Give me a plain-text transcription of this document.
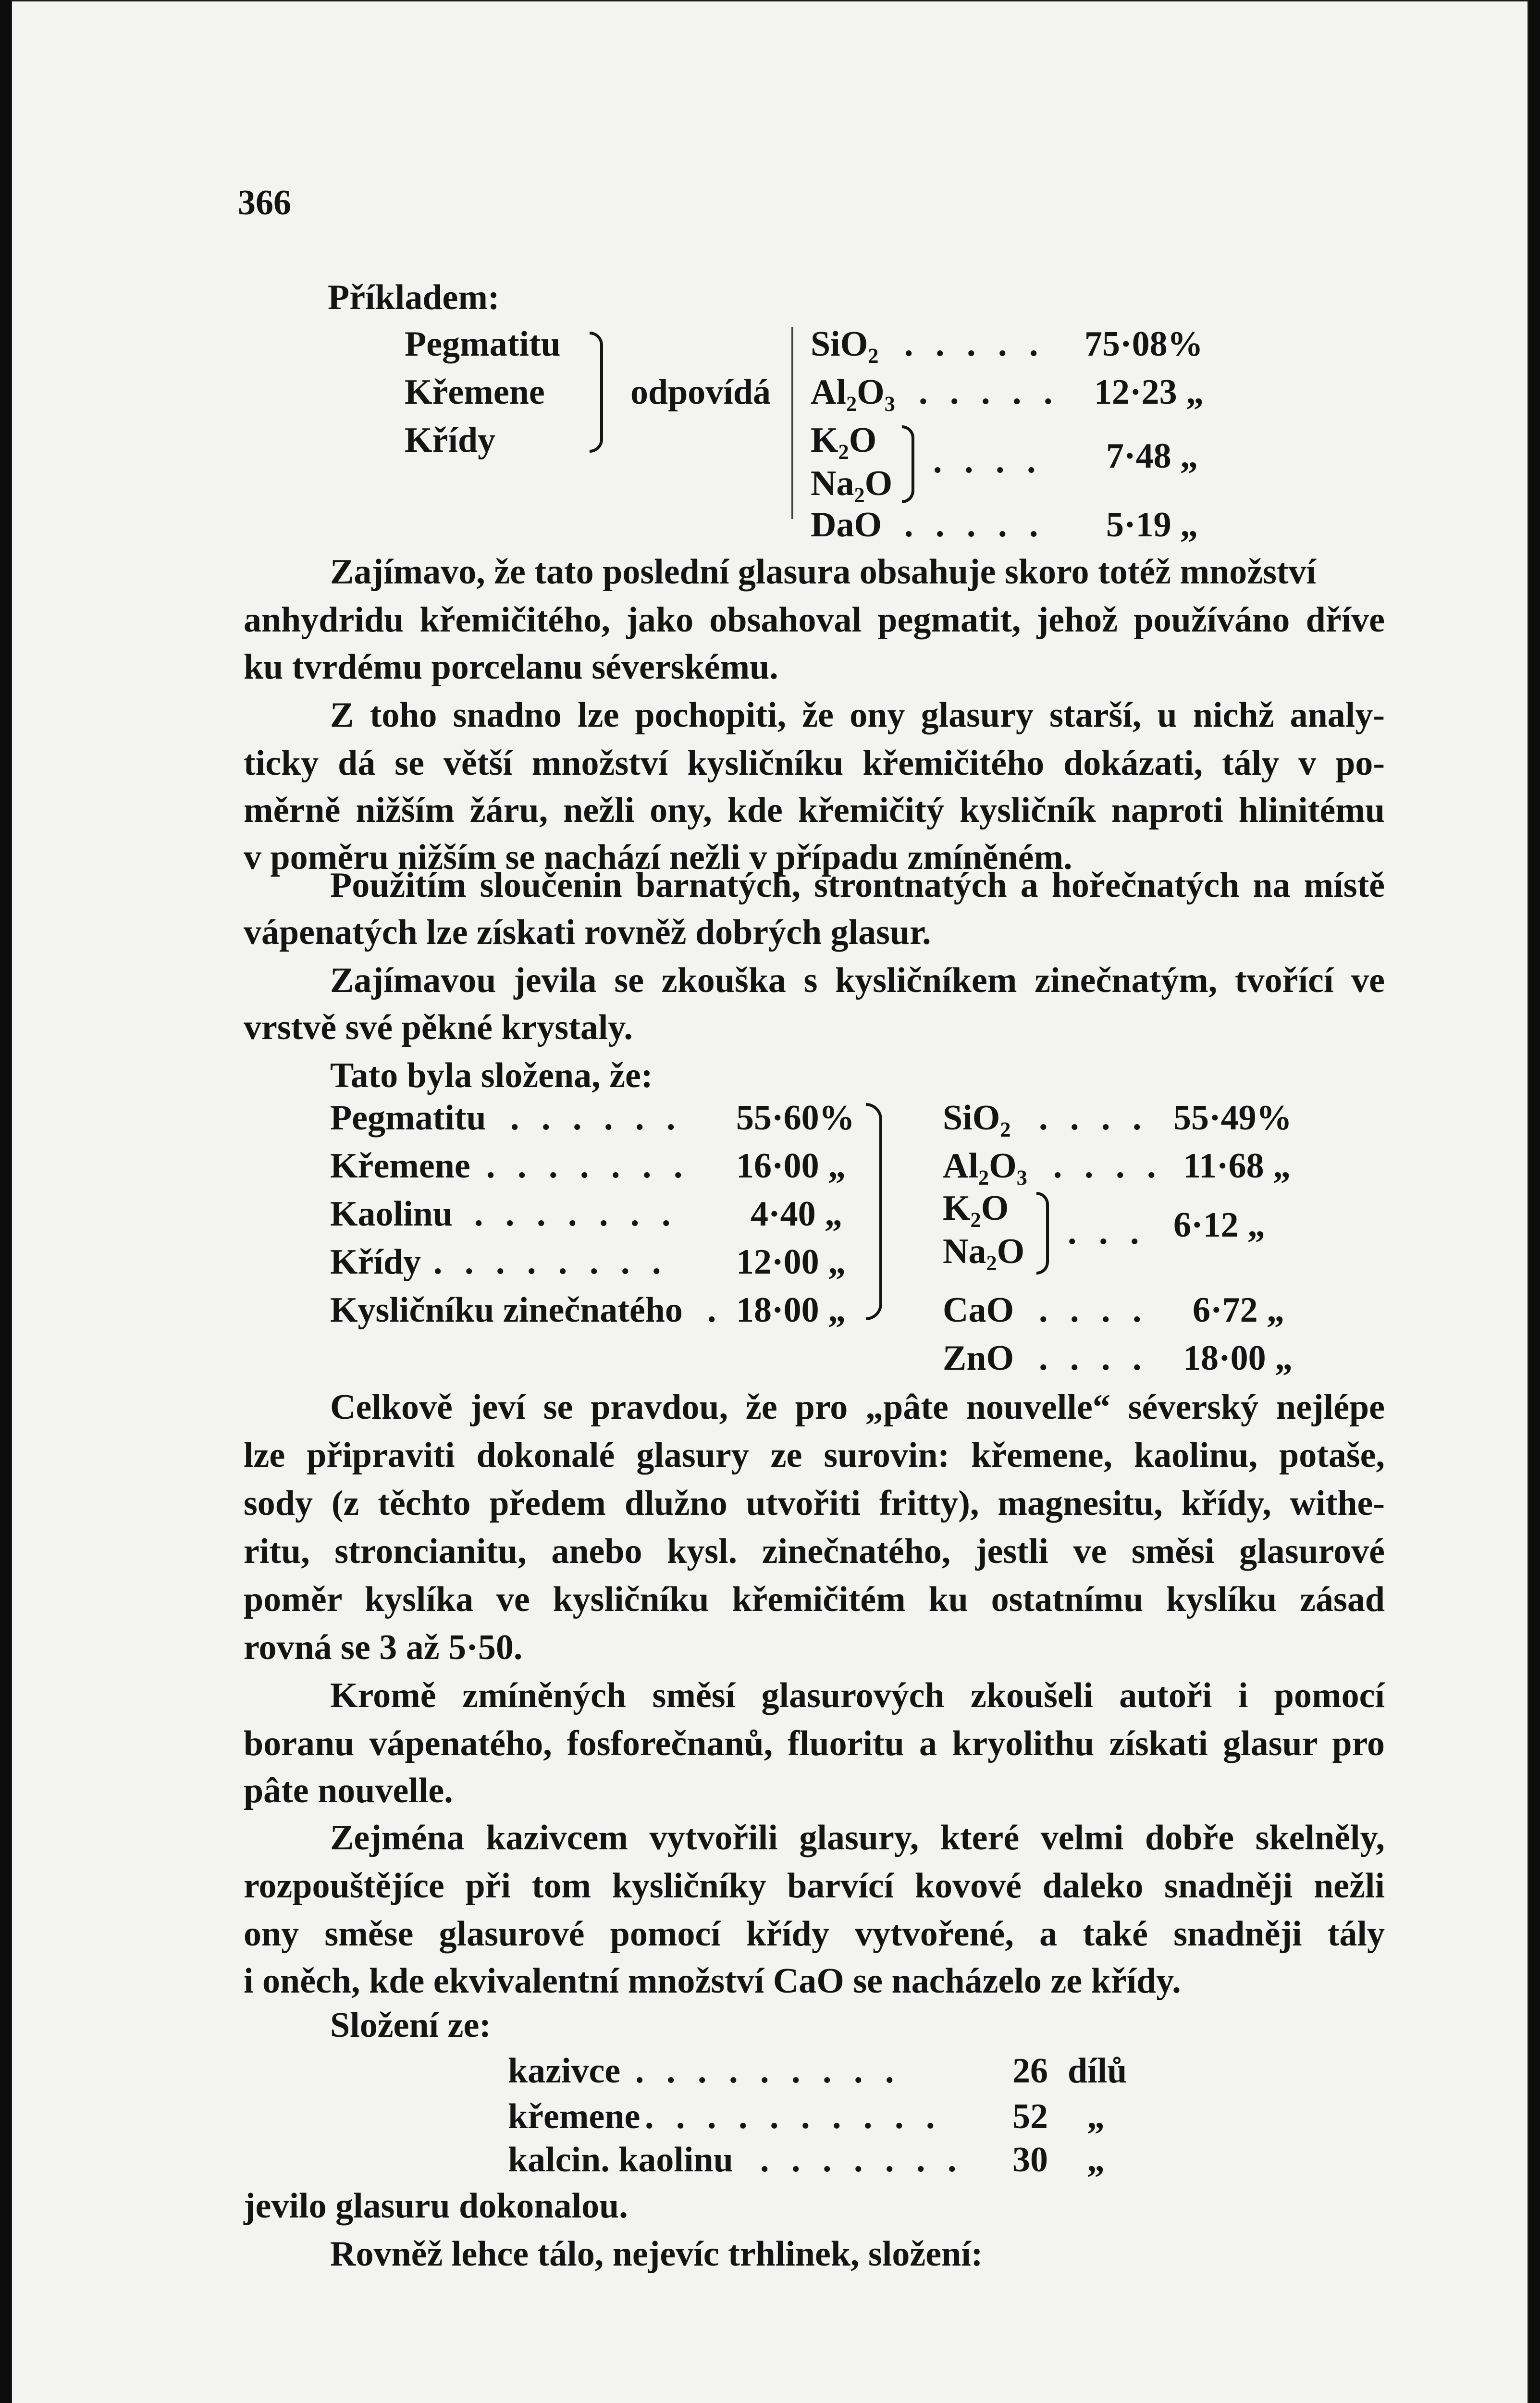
366
Příkladem:
Pegmatitu
Křemene
Křídy
odpovídá
SiO₂ . . . . . 75·08%
Al₂O₃ . . . . . 12·23 „
K₂O
Na₂O
. . . . 7·48 „
DaO . . . . . 5·19 „
Zajímavo, že tato poslední glasura obsahuje skoro totéž množství
anhydridu křemičitého, jako obsahoval pegmatit, jehož používáno dříve
ku tvrdému porcelanu séverskému.
Z toho snadno lze pochopiti, že ony glasury starší, u nichž analy-
ticky dá se větší množství kysličníku křemičitého dokázati, tály v po-
měrně nižším žáru, nežli ony, kde křemičitý kysličník naproti hlinitému
v poměru nižším se nachází nežli v případu zmíněném.
Použitím sloučenin barnatých, strontnatých a hořečnatých na místě
vápenatých lze získati rovněž dobrých glasur.
Zajímavou jevila se zkouška s kysličníkem zinečnatým, tvořící ve
vrstvě své pěkné krystaly.
Tato byla složena, že:
Pegmatitu . . . . . . 55·60%
Křemene . . . . . . . 16·00 „
Kaolinu . . . . . . . 4·40 „
Křídy . . . . . . . . 12·00 „
Kysličníku zinečnatého . 18·00 „
SiO₂ . . . . 55·49%
Al₂O₃ . . . . 11·68 „
K₂O
Na₂O . . . 6·12 „
CaO . . . . 6·72 „
ZnO . . . . 18·00 „
Celkově jeví se pravdou, že pro „pâte nouvelle“ séverský nejlépe
lze připraviti dokonalé glasury ze surovin: křemene, kaolinu, potaše,
sody (z těchto předem dlužno utvořiti fritty), magnesitu, křídy, withe-
ritu, stroncianitu, anebo kysl. zinečnatého, jestli ve směsi glasurové
poměr kyslíka ve kysličníku křemičitém ku ostatnímu kyslíku zásad
rovná se 3 až 5·50.
Kromě zmíněných směsí glasurových zkoušeli autoři i pomocí
boranu vápenatého, fosforečnanů, fluoritu a kryolithu získati glasur pro
pâte nouvelle.
Zejména kazivcem vytvořili glasury, které velmi dobře skelněly,
rozpouštějíce při tom kysličníky barvící kovové daleko snadněji nežli
ony směse glasurové pomocí křídy vytvořené, a také snadněji tály
i oněch, kde ekvivalentní množství CaO se nacházelo ze křídy.
Složení ze:
kazivce . . . . . . . . .	26 dílů
křemene . . . . . . . . . . 52 „
kalcin. kaolinu . . . . . . . 30 „
jevilo glasuru dokonalou.
Rovněž lehce tálo, nejevíc trhlinek, složení:
